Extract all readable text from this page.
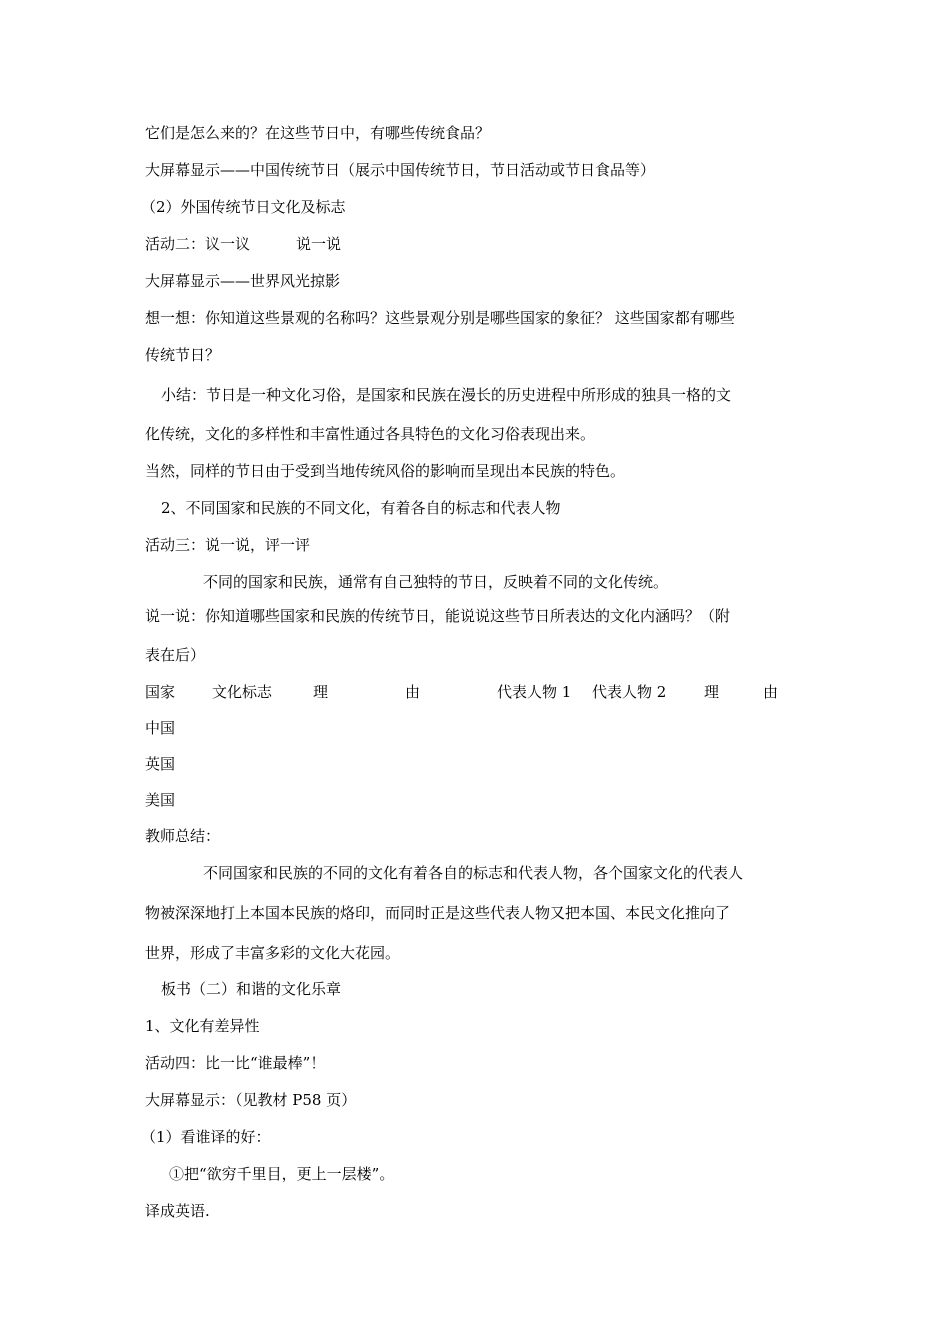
它们是怎么来的？在这些节日中，有哪些传统食品？
大屏幕显示——中国传统节日（展示中国传统节日，节日活动或节日食品等）
（2）外国传统节日文化及标志
活动二：议一议	说一说
大屏幕显示——世界风光掠影
想一想：你知道这些景观的名称吗？这些景观分别是哪些国家的象征？ 这些国家都有哪些
传统节日？
小结：节日是一种文化习俗，是国家和民族在漫长的历史进程中所形成的独具一格的文
化传统，文化的多样性和丰富性通过各具特色的文化习俗表现出来。
当然，同样的节日由于受到当地传统风俗的影响而呈现出本民族的特色。
2、不同国家和民族的不同文化，有着各自的标志和代表人物
活动三：说一说，评一评
不同的国家和民族，通常有自己独特的节日，反映着不同的文化传统。
说一说：你知道哪些国家和民族的传统节日，能说说这些节日所表达的文化内涵吗？（附
表在后）
国家 文化标志	理	由	代表人物 1 代表人物 2	理	由
中国
英国
美国
教师总结：
不同国家和民族的不同的文化有着各自的标志和代表人物，各个国家文化的代表人
物被深深地打上本国本民族的烙印，而同时正是这些代表人物又把本国、本民文化推向了
世界，形成了丰富多彩的文化大花园。
板书（二）和谐的文化乐章
1、文化有差异性
活动四：比一比“谁最棒”！
大屏幕显示：（见教材 P58 页）
（1）看谁译的好：
①把“欲穷千里目，更上一层楼”。
译成英语.
